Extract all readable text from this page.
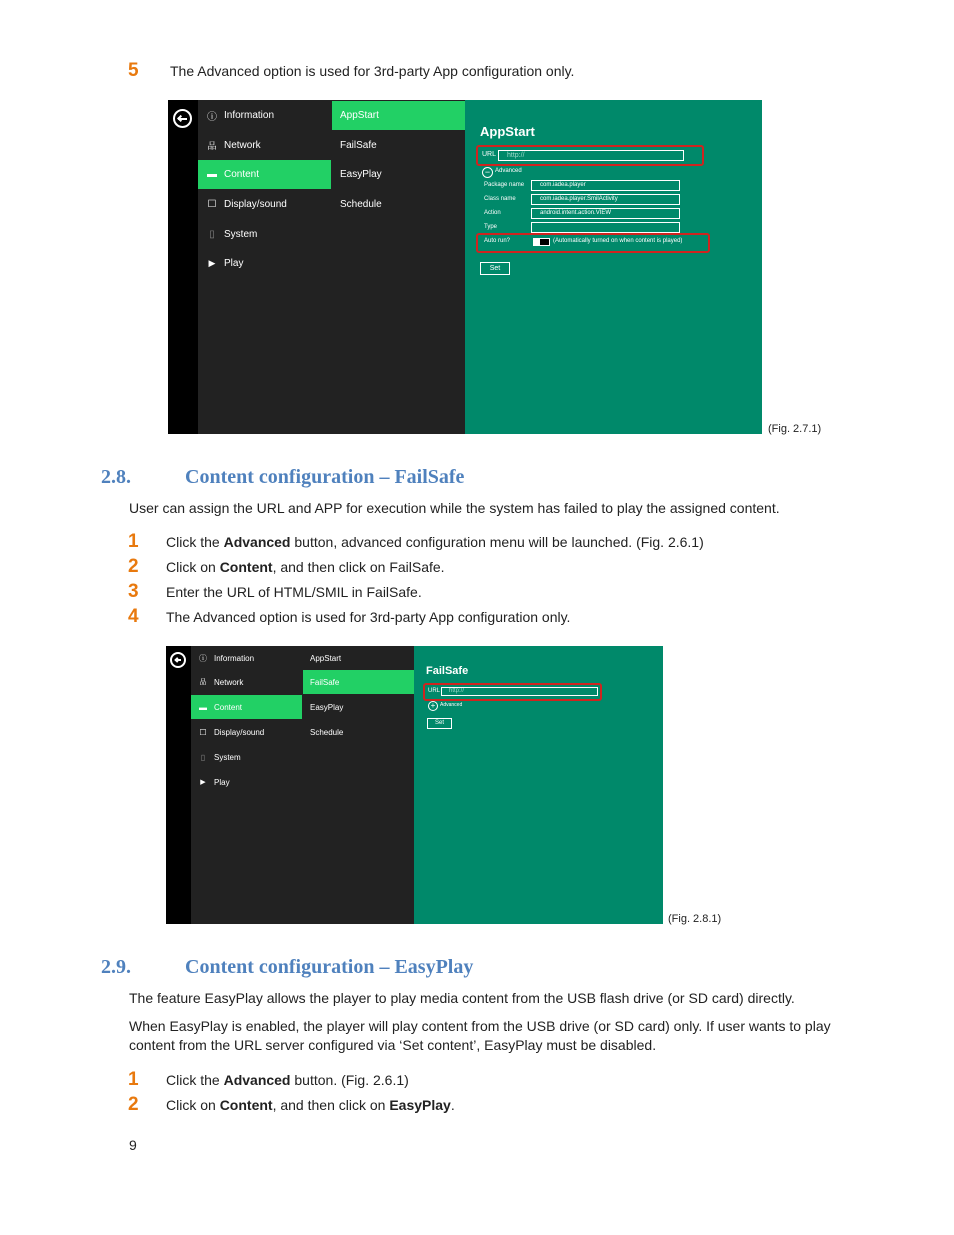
5 The Advanced option is used for 3rd-party App configuration only.
ⓘ Information
品 Network
▬ Content
☐ Display/sound
▯ System
▶ Play
AppStart
FailSafe
EasyPlay
Schedule
AppStart
URL	http://
− Advanced
Package name	com.iadea.player
Class name	com.iadea.player.SmilActivity
Action	android.intent.action.VIEW
Type
Auto run?	(Automatically turned on when content is played)
Set
(Fig. 2.7.1)
2.8.	Content configuration – FailSafe
User can assign the URL and APP for execution while the system has failed to play the assigned content.
1 Click the Advanced button, advanced configuration menu will be launched. (Fig. 2.6.1)
2 Click on Content, and then click on FailSafe.
3 Enter the URL of HTML/SMIL in FailSafe.
4 The Advanced option is used for 3rd-party App configuration only.
ⓘ Information
品 Network
▬ Content
☐ Display/sound
▯	System
▶ Play
AppStart
FailSafe
EasyPlay
Schedule
FailSafe
URL	http://
+ Advanced
Set
(Fig. 2.8.1)
2.9.	Content configuration – EasyPlay
The feature EasyPlay allows the player to play media content from the USB flash drive (or SD card) directly.
When EasyPlay is enabled, the player will play content from the USB drive (or SD card) only. If user wants to play content from the URL server configured via ‘Set content’, EasyPlay must be disabled.
1 Click the Advanced button. (Fig. 2.6.1)
2 Click on Content, and then click on EasyPlay.
9
